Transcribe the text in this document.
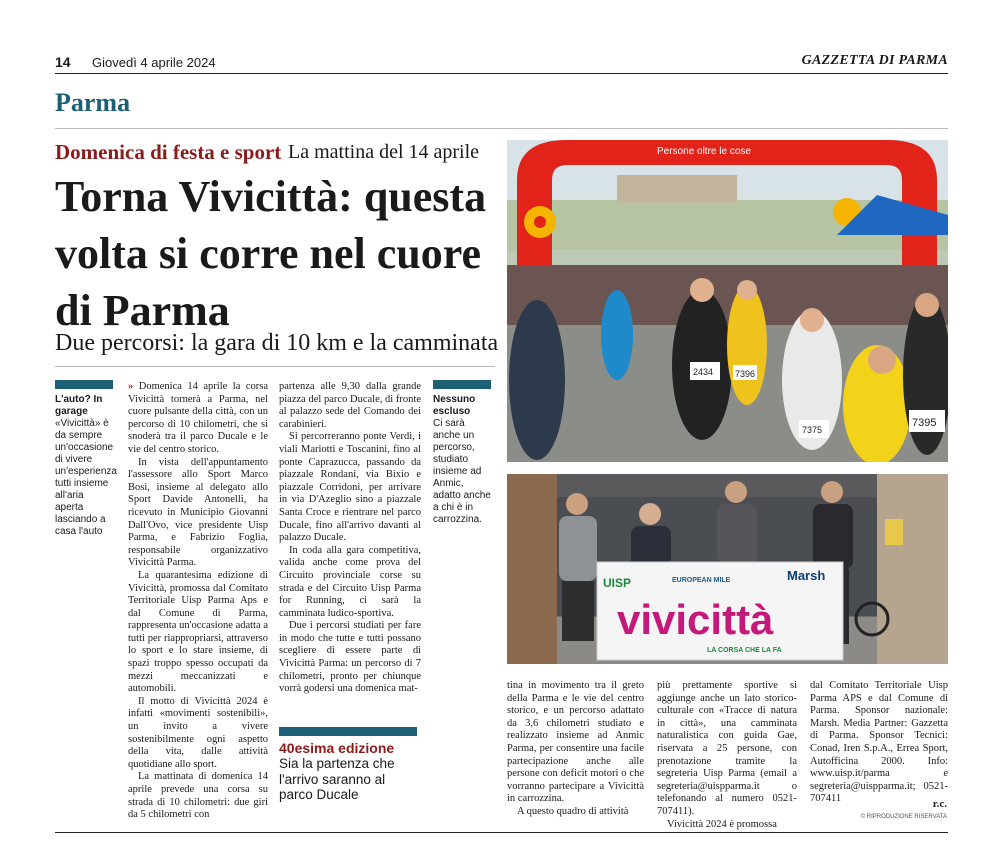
14 Giovedì 4 aprile 2024	GAZZETTA DI PARMA
Parma
Domenica di festa e sport La mattina del 14 aprile
Torna Vivicittà: questa volta si corre nel cuore di Parma
Due percorsi: la gara di 10 km e la camminata
L'auto? In garage
«Vivicittà» è da sempre un'occasione di vivere un'esperienza tutti insieme all'aria aperta lasciando a casa l'auto

» Domenica 14 aprile la corsa Vivicittà tornerà a Parma, nel cuore pulsante della città, con un percorso di 10 chilometri, che si snoderà tra il parco Ducale e le vie del centro storico.

In vista dell'appuntamento l'assessore allo Sport Marco Bosi, insieme al delegato allo Sport Davide Antonelli, ha ricevuto in Municipio Giovanni Dall'Ovo, vice presidente Uisp Parma, e Fabrizio Foglia, responsabile organizzativo Vivicittà Parma.

La quarantesima edizione di Vivicittà, promossa dal Comitato Territoriale Uisp Parma Aps e dal Comune di Parma, rappresenta un'occasione adatta a tutti per riappropriarsi, attraverso lo sport e lo stare insieme, di spazi troppo spesso occupati da mezzi meccanizzati e automobili.

Il motto di Vivicittà 2024 è infatti «movimenti sostenibili», un invito a vivere sostenibilmente ogni aspetto della vita, dalle attività quotidiane allo sport.

La mattinata di domenica 14 aprile prevede una corsa su strada di 10 chilometri: due giri da 5 chilometri con

partenza alle 9,30 dalla grande piazza del parco Ducale, di fronte al palazzo sede del Comando dei carabinieri.

Si percorreranno ponte Verdi, i viali Mariotti e Toscanini, fino al ponte Caprazucca, passando da piazzale Rondani, via Bixio e piazzale Corridoni, per arrivare in via D'Azeglio sino a piazzale Santa Croce e rientrare nel parco Ducale, fino all'arrivo davanti al palazzo Ducale.

In coda alla gara competitiva, valida anche come prova del Circuito provinciale corse su strada e del Circuito Uisp Parma for Running, ci sarà la camminata ludico-sportiva.

Due i percorsi studiati per fare in modo che tutte e tutti possano scegliere di essere parte di Vivicittà Parma: un percorso di 7 chilometri, pronto per chiunque vorrà godersi una domenica mat-

40esima edizione
Sia la partenza che l'arrivo saranno al parco Ducale
Nessuno escluso
Ci sarà anche un percorso, studiato insieme ad Anmic, adatto anche a chi è in carrozzina.
2434 7396
7375
7395
Persone oltre le cose
UISP	EUROPEAN MILE	Marsh
vivicittà
LA CORSA CHE LA FA

tina in movimento tra il greto della Parma e le vie del centro storico, e un percorso adattato da 3,6 chilometri studiato e realizzato insieme ad Anmic Parma, per consentire una facile partecipazione anche alle persone con deficit motori o che vorranno partecipare a Vivicittà in carrozzina.

A questo quadro di attività

più prettamente sportive si aggiunge anche un lato storico-culturale con «Tracce di natura in città», una camminata naturalistica con guida Gae, riservata a 25 persone, con prenotazione tramite la segreteria Uisp Parma (email a segreteria@uispparma.it o telefonando al numero 0521-707411).

Vivicittà 2024 è promossa

dal Comitato Territoriale Uisp Parma APS e dal Comune di Parma. Sponsor nazionale: Marsh. Media Partner: Gazzetta di Parma. Sponsor Tecnici: Conad, Iren S.p.A., Errea Sport, Autofficina 2000. Info: www.uisp.it/parma e segreteria@uispparma.it; 0521-707411	r.c.
© RIPRODUZIONE RISERVATA
